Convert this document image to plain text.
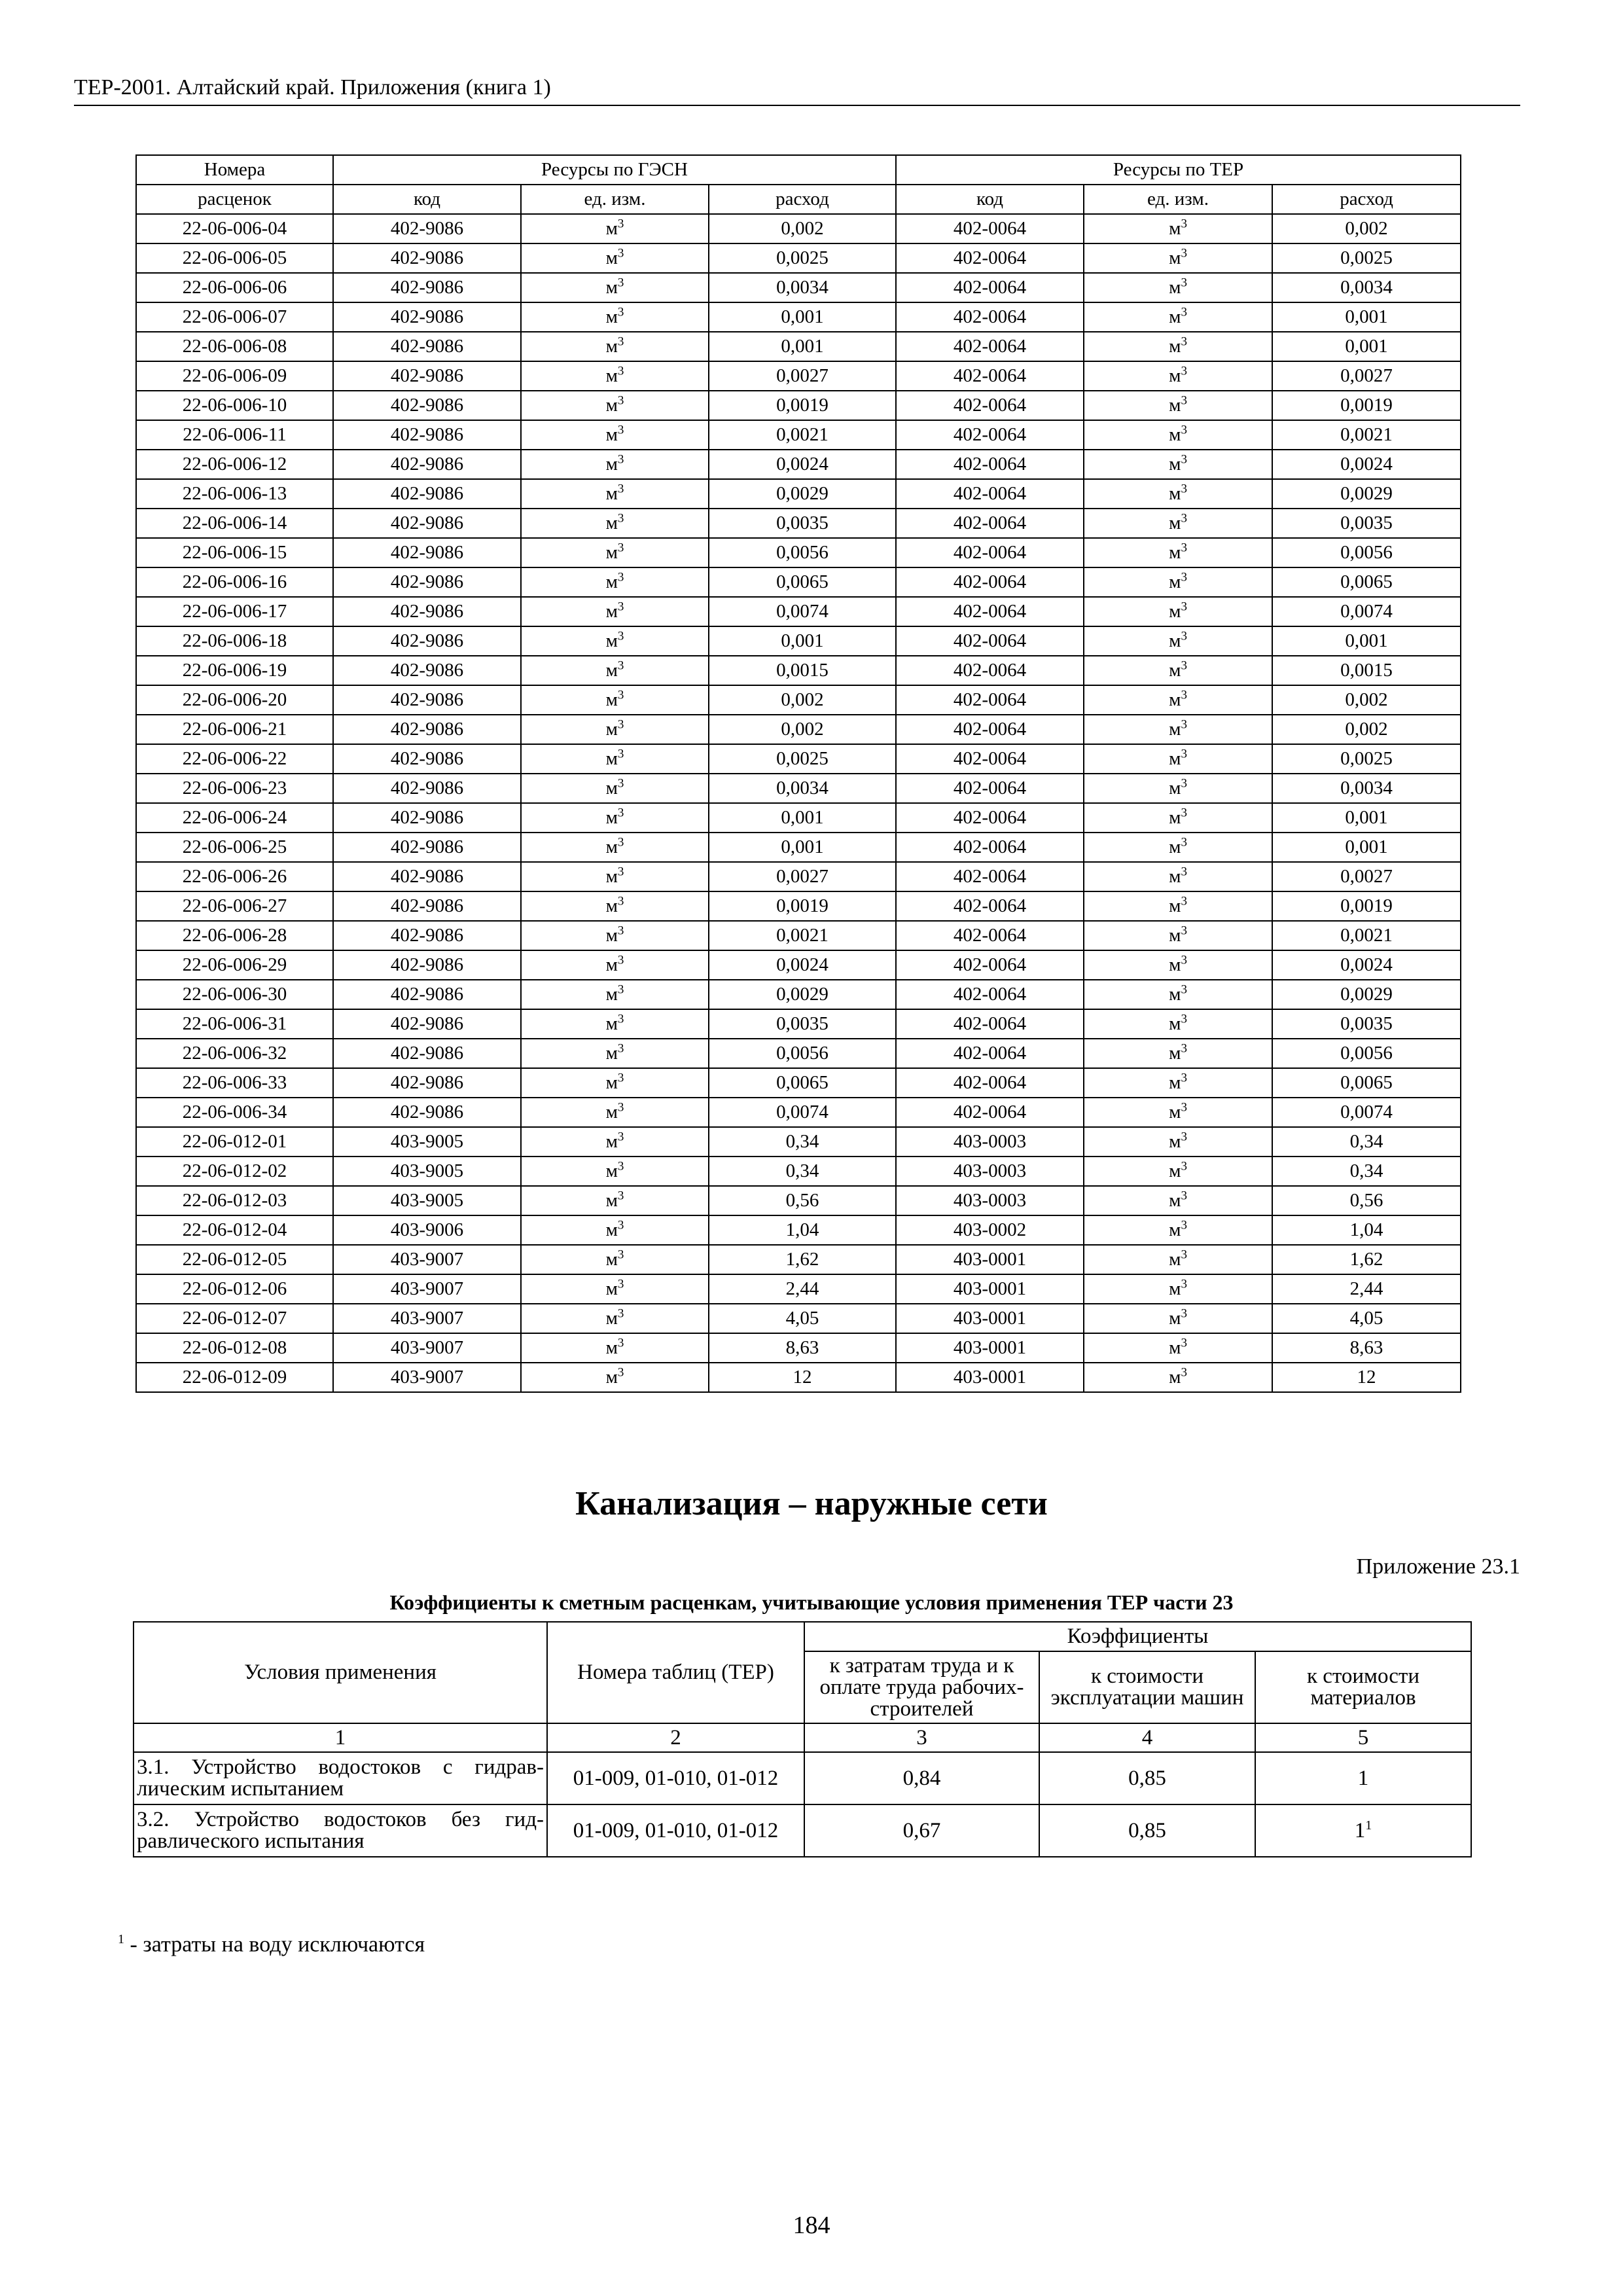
ТЕР-2001. Алтайский край. Приложения (книга 1)
Номера	Ресурсы по ГЭСН			Ресурсы по ТЕР		
расценок	код	ед. изм.	расход	код	ед. изм.	расход
22-06-006-04	402-9086	$м^3$	0,002	402-0064	$м^3$	0,002
22-06-006-05	402-9086	$м^3$	0,0025	402-0064	$м^3$	0,0025
22-06-006-06	402-9086	$м^3$	0,0034	402-0064	$м^3$	0,0034
22-06-006-07	402-9086	$м^3$	0,001	402-0064	$м^3$	0,001
22-06-006-08	402-9086	$м^3$	0,001	402-0064	$м^3$	0,001
22-06-006-09	402-9086	$м^3$	0,0027	402-0064	$м^3$	0,0027
22-06-006-10	402-9086	$м^3$	0,0019	402-0064	$м^3$	0,0019
22-06-006-11	402-9086	$м^3$	0,0021	402-0064	$м^3$	0,0021
22-06-006-12	402-9086	$м^3$	0,0024	402-0064	$м^3$	0,0024
22-06-006-13	402-9086	$м^3$	0,0029	402-0064	$м^3$	0,0029
22-06-006-14	402-9086	$м^3$	0,0035	402-0064	$м^3$	0,0035
22-06-006-15	402-9086	$м^3$	0,0056	402-0064	$м^3$	0,0056
22-06-006-16	402-9086	$м^3$	0,0065	402-0064	$м^3$	0,0065
22-06-006-17	402-9086	$м^3$	0,0074	402-0064	$м^3$	0,0074
22-06-006-18	402-9086	$м^3$	0,001	402-0064	$м^3$	0,001
22-06-006-19	402-9086	$м^3$	0,0015	402-0064	$м^3$	0,0015
22-06-006-20	402-9086	$м^3$	0,002	402-0064	$м^3$	0,002
22-06-006-21	402-9086	$м^3$	0,002	402-0064	$м^3$	0,002
22-06-006-22	402-9086	$м^3$	0,0025	402-0064	$м^3$	0,0025
22-06-006-23	402-9086	$м^3$	0,0034	402-0064	$м^3$	0,0034
22-06-006-24	402-9086	$м^3$	0,001	402-0064	$м^3$	0,001
22-06-006-25	402-9086	$м^3$	0,001	402-0064	$м^3$	0,001
22-06-006-26	402-9086	$м^3$	0,0027	402-0064	$м^3$	0,0027
22-06-006-27	402-9086	$м^3$	0,0019	402-0064	$м^3$	0,0019
22-06-006-28	402-9086	$м^3$	0,0021	402-0064	$м^3$	0,0021
22-06-006-29	402-9086	$м^3$	0,0024	402-0064	$м^3$	0,0024
22-06-006-30	402-9086	$м^3$	0,0029	402-0064	$м^3$	0,0029
22-06-006-31	402-9086	$м^3$	0,0035	402-0064	$м^3$	0,0035
22-06-006-32	402-9086	$м^3$	0,0056	402-0064	$м^3$	0,0056
22-06-006-33	402-9086	$м^3$	0,0065	402-0064	$м^3$	0,0065
22-06-006-34	402-9086	$м^3$	0,0074	402-0064	$м^3$	0,0074
22-06-012-01	403-9005	$м^3$	0,34	403-0003	$м^3$	0,34
22-06-012-02	403-9005	$м^3$	0,34	403-0003	$м^3$	0,34
22-06-012-03	403-9005	$м^3$	0,56	403-0003	$м^3$	0,56
22-06-012-04	403-9006	$м^3$	1,04	403-0002	$м^3$	1,04
22-06-012-05	403-9007	$м^3$	1,62	403-0001	$м^3$	1,62
22-06-012-06	403-9007	$м^3$	2,44	403-0001	$м^3$	2,44
22-06-012-07	403-9007	$м^3$	4,05	403-0001	$м^3$	4,05
22-06-012-08	403-9007	$м^3$	8,63	403-0001	$м^3$	8,63
22-06-012-09	403-9007	$м^3$	12	403-0001	$м^3$	12
Канализация – наружные сети
Приложение 23.1
Коэффициенты к сметным расценкам, учитывающие условия применения ТЕР части 23
Условия применения	Номера таблиц (ТЕР)	Коэффициенты		
		к затратам труда и к оплате труда рабочих-строителей	к стоимости эксплуатации машин	к стоимости материалов
1	2	3	4	5
3.1. Устройство водостоков с гидрав-лическим испытанием	01-009, 01-010, 01-012	0,84	0,85	1
3.2. Устройство водостоков без гид-равлического испытания	01-009, 01-010, 01-012	0,67	0,85	$1^1$
$^1$ - затраты на воду исключаются
184
